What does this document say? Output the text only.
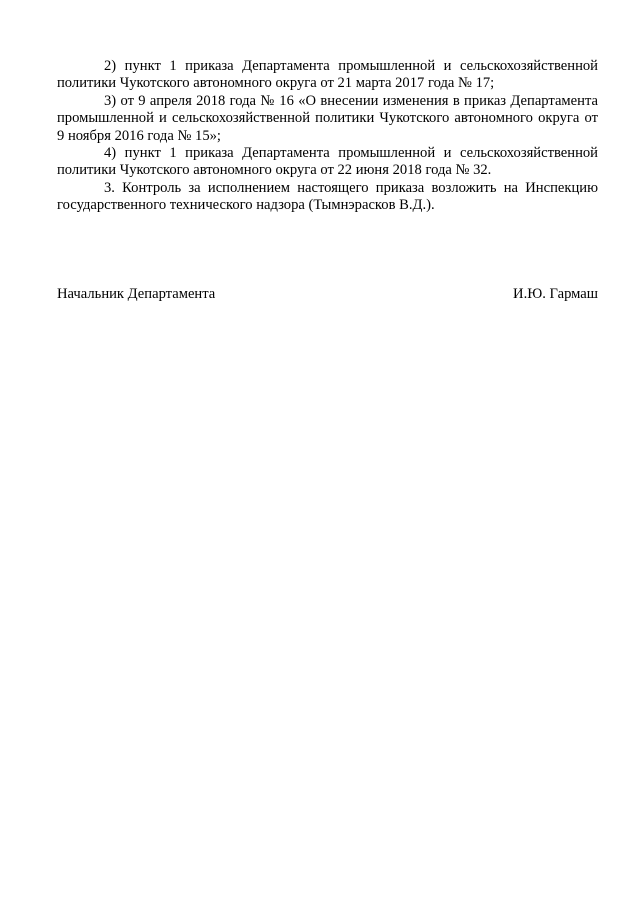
2) пункт 1 приказа Департамента промышленной и сельскохозяйственной политики Чукотского автономного округа от 21 марта 2017 года № 17;

3) от 9 апреля 2018 года № 16 «О внесении изменения в приказ Департамента промышленной и сельскохозяйственной политики Чукотского автономного округа от 9 ноября 2016 года № 15»;

4) пункт 1 приказа Департамента промышленной и сельскохозяйственной политики Чукотского автономного округа от 22 июня 2018 года № 32.

3. Контроль за исполнением настоящего приказа возложить на Инспекцию государственного технического надзора (Тымнэрасков В.Д.).

Начальник Департамента	И.Ю. Гармаш
